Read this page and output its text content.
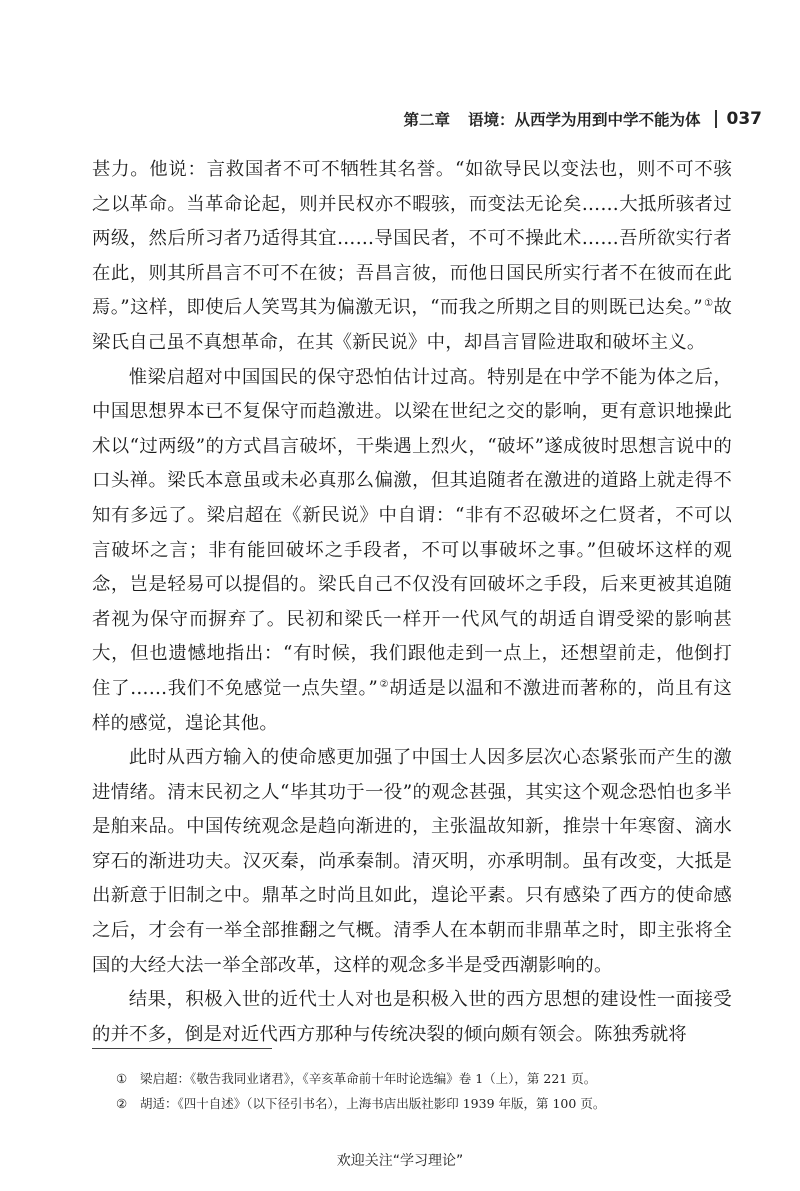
第二章 语境：从西学为用到中学不能为体 037

甚力。他说：言救国者不可不牺牲其名誉。“如欲导民以变法也，则不可不骇之以革命。当革命论起，则并民权亦不暇骇，而变法无论矣……大抵所骇者过两级，然后所习者乃适得其宜……导国民者，不可不操此术……吾所欲实行者在此，则其所昌言不可不在彼；吾昌言彼，而他日国民所实行者不在彼而在此焉。”这样，即使后人笑骂其为偏激无识，“而我之所期之目的则既已达矣。”①故梁氏自己虽不真想革命，在其《新民说》中，却昌言冒险进取和破坏主义。

惟梁启超对中国国民的保守恐怕估计过高。特别是在中学不能为体之后，中国思想界本已不复保守而趋激进。以梁在世纪之交的影响，更有意识地操此术以“过两级”的方式昌言破坏，干柴遇上烈火，“破坏”遂成彼时思想言说中的口头禅。梁氏本意虽或未必真那么偏激，但其追随者在激进的道路上就走得不知有多远了。梁启超在《新民说》中自谓：“非有不忍破坏之仁贤者，不可以言破坏之言；非有能回破坏之手段者，不可以事破坏之事。”但破坏这样的观念，岂是轻易可以提倡的。梁氏自己不仅没有回破坏之手段，后来更被其追随者视为保守而摒弃了。民初和梁氏一样开一代风气的胡适自谓受梁的影响甚大，但也遗憾地指出：“有时候，我们跟他走到一点上，还想望前走，他倒打住了……我们不免感觉一点失望。”②胡适是以温和不激进而著称的，尚且有这样的感觉，遑论其他。

此时从西方输入的使命感更加强了中国士人因多层次心态紧张而产生的激进情绪。清末民初之人“毕其功于一役”的观念甚强，其实这个观念恐怕也多半是舶来品。中国传统观念是趋向渐进的，主张温故知新，推崇十年寒窗、滴水穿石的渐进功夫。汉灭秦，尚承秦制。清灭明，亦承明制。虽有改变，大抵是出新意于旧制之中。鼎革之时尚且如此，遑论平素。只有感染了西方的使命感之后，才会有一举全部推翻之气概。清季人在本朝而非鼎革之时，即主张将全国的大经大法一举全部改革，这样的观念多半是受西潮影响的。

结果，积极入世的近代士人对也是积极入世的西方思想的建设性一面接受的并不多，倒是对近代西方那种与传统决裂的倾向颇有领会。陈独秀就将

①	梁启超：《敬告我同业诸君》，《辛亥革命前十年时论选编》卷 1（上），第 221 页。
②	胡适：《四十自述》（以下径引书名），上海书店出版社影印 1939 年版，第 100 页。
欢迎关注“学习理论”
